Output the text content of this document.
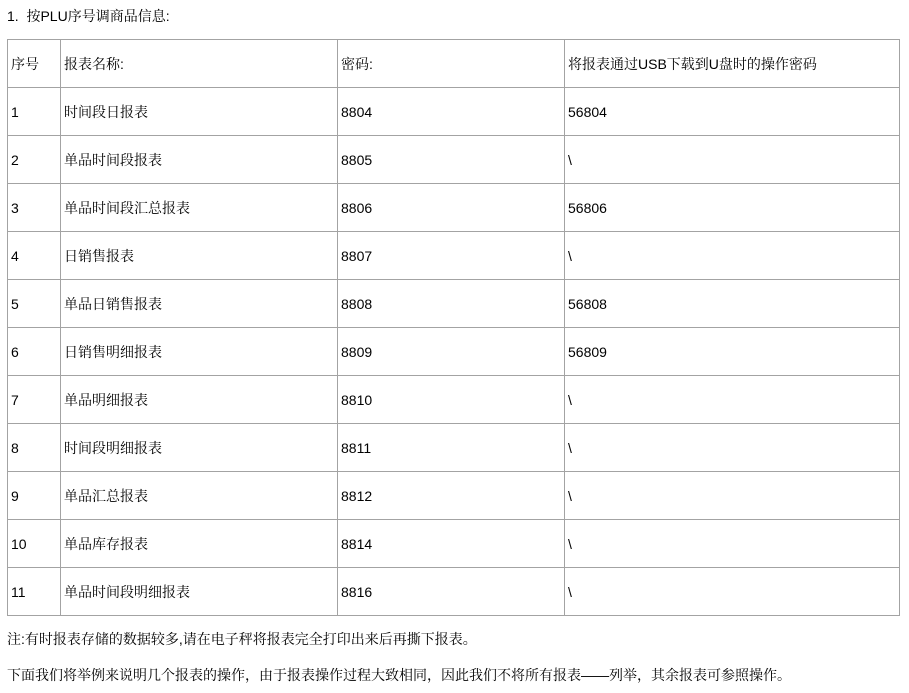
1.  按PLU序号调商品信息:

序号	报表名称:	密码:	将报表通过USB下载到U盘时的操作密码
1	时间段日报表	8804	56804
2	单品时间段报表	8805	\
3	单品时间段汇总报表	8806	56806
4	日销售报表	8807	\
5	单品日销售报表	8808	56808
6	日销售明细报表	8809	56809
7	单品明细报表	8810	\
8	时间段明细报表	8811	\
9	单品汇总报表	8812	\
10	单品库存报表	8814	\
11	单品时间段明细报表	8816	\

注:有时报表存储的数据较多,请在电子秤将报表完全打印出来后再撕下报表。

下面我们将举例来说明几个报表的操作，由于报表操作过程大致相同，因此我们不将所有报表——列举，其余报表可参照操作。
